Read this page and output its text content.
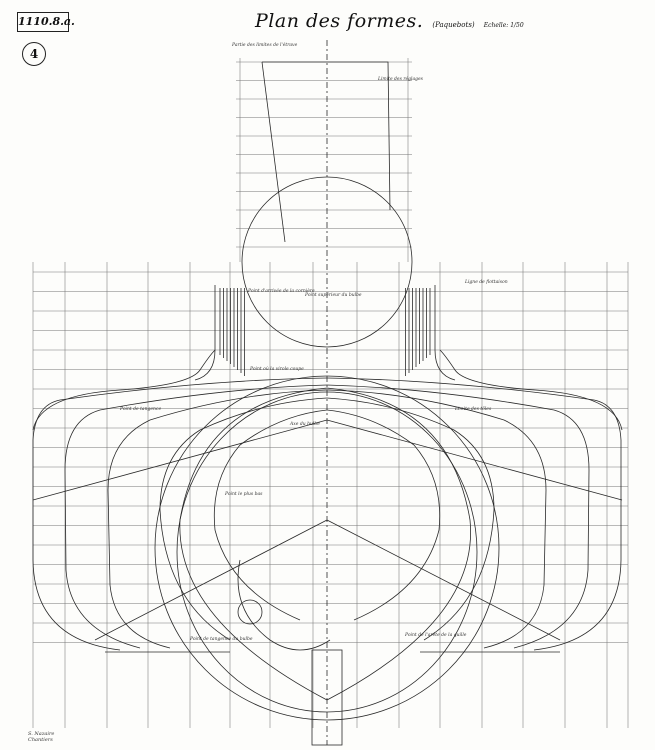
1110.8.a.
4
Plan des formes. (Paquebots) Echelle: 1/50
Partie des limites de l'étrave
Limite des réglages
Ligne de flottaison
Point d'arrivée de la cornière
Point supérieur du bulbe
Point où la virole coupe
Point de tangence	Limite des tôles
Axe du bulbe
Point le plus bas
Point de tangence du bulbe
Point de l'arête de la quille
S. Nazaire
Chantiers
